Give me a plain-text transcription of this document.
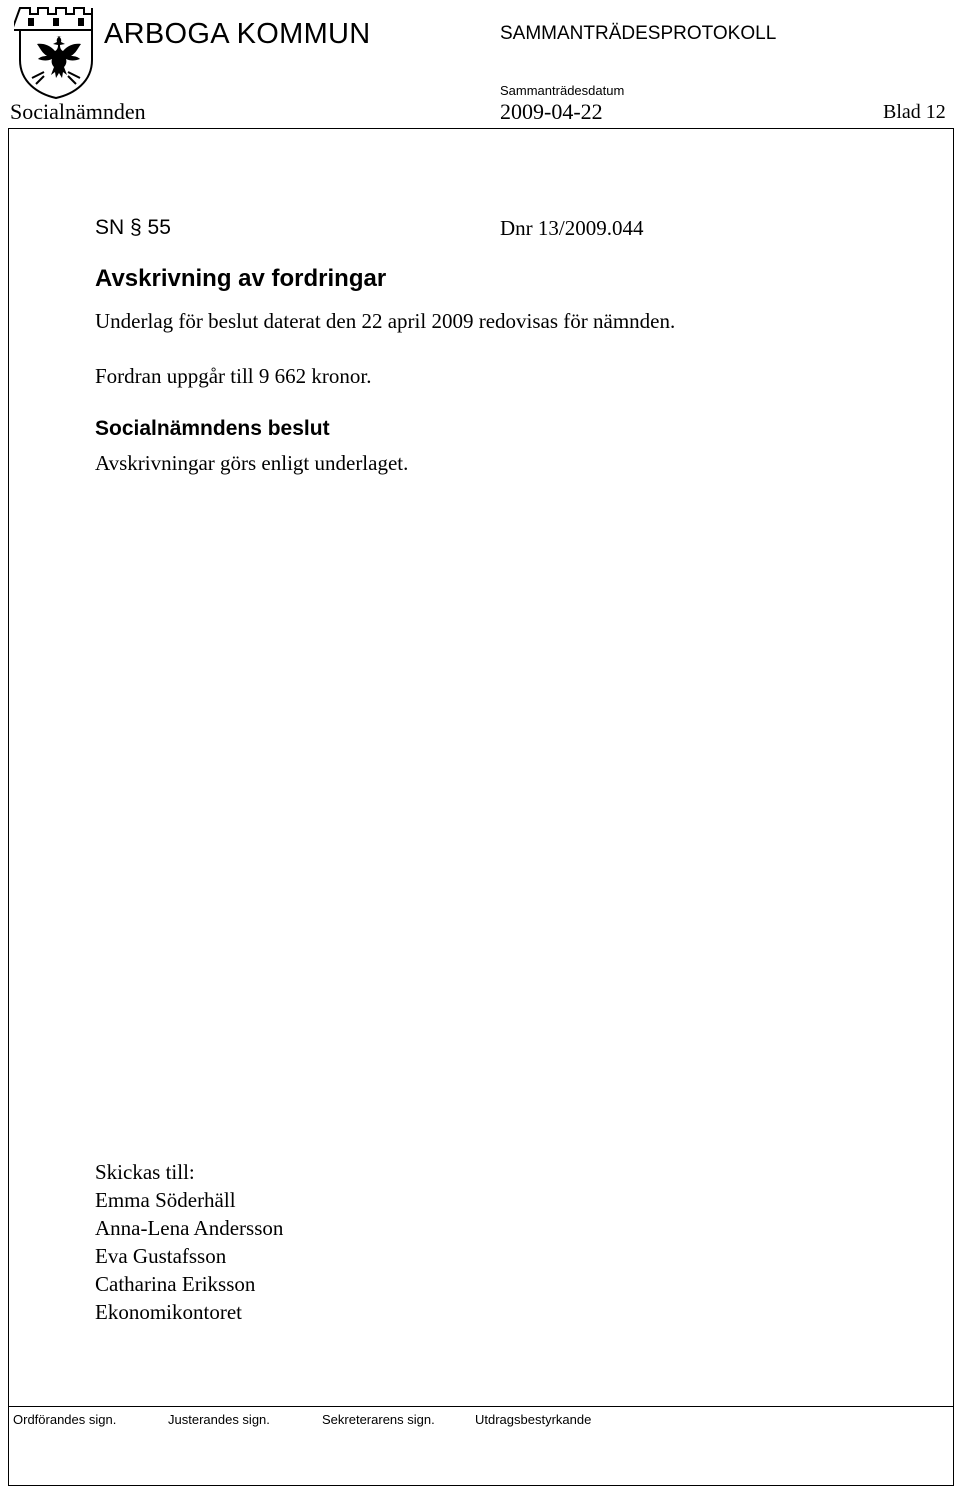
ARBOGA KOMMUN	SAMMANTRÄDESPROTOKOLL
Sammanträdesdatum
Socialnämnden	2009-04-22	Blad 12
SN § 55	Dnr 13/2009.044
Avskrivning av fordringar
Underlag för beslut daterat den 22 april 2009 redovisas för nämnden.
Fordran uppgår till 9 662 kronor.
Socialnämndens beslut
Avskrivningar görs enligt underlaget.
Skickas till:
Emma Söderhäll
Anna-Lena Andersson
Eva Gustafsson
Catharina Eriksson
Ekonomikontoret
Ordförandes sign.	Justerandes sign.	Sekreterarens sign.	Utdragsbestyrkande
